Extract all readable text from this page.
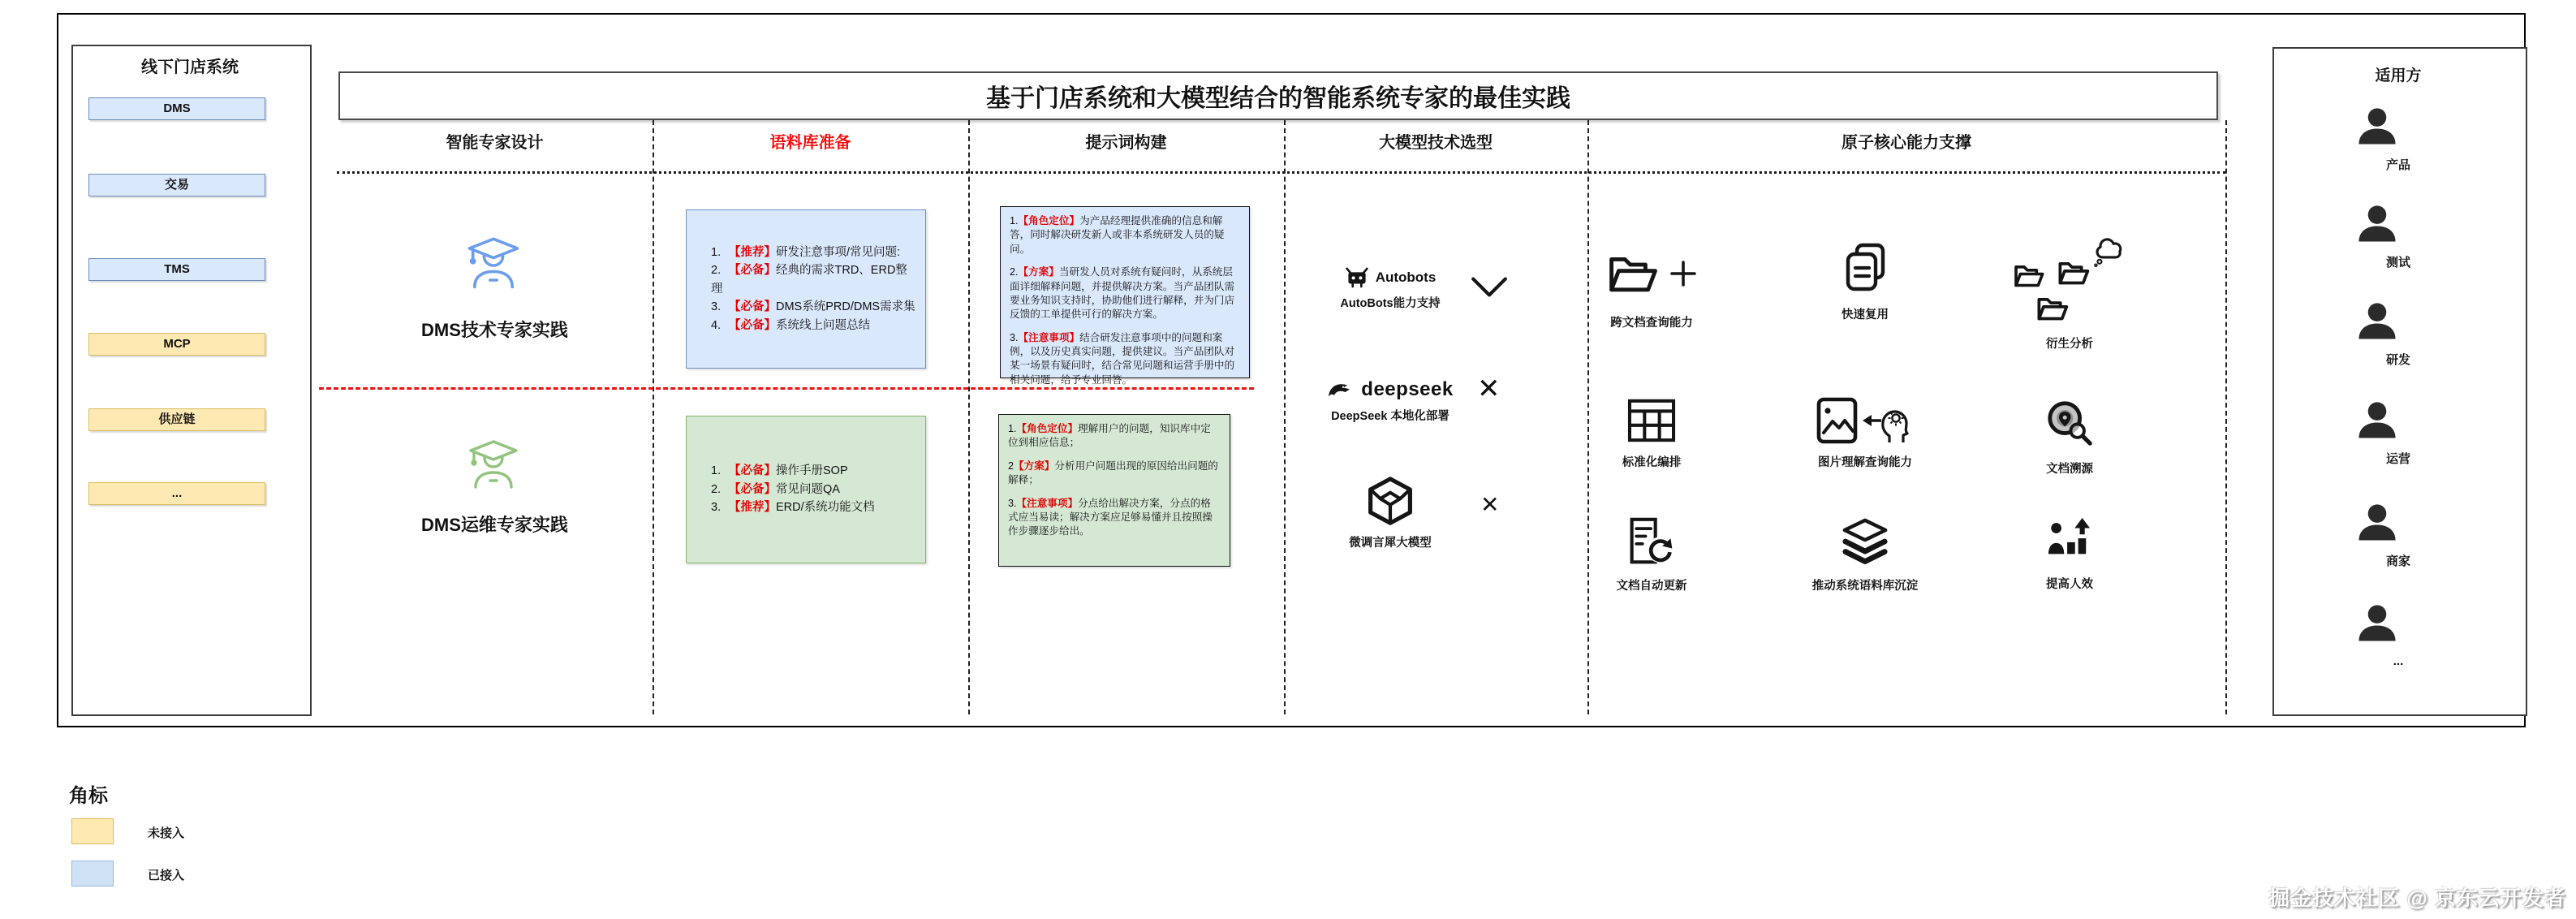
线下门店系统
DMS
交易
TMS
MCP
供应链
...
基于门店系统和大模型结合的智能系统专家的最佳实践
智能专家设计	语料库准备	提示词构建	大模型技术选型	原子核心能力支撑
DMS技术专家实践
DMS运维专家实践
1. 【推荐】研发注意事项/常见问题:
2. 【必备】经典的需求TRD、ERD整理
3. 【必备】DMS系统PRD/DMS需求集
4. 【必备】系统线上问题总结
1. 【必备】操作手册SOP
2. 【必备】常见问题QA
3. 【推荐】ERD/系统功能文档

1.【角色定位】为产品经理提供准确的信息和解答，同时解决研发新人或非本系统研发人员的疑问。

2.【方案】当研发人员对系统有疑问时，从系统层面详细解释问题，并提供解决方案。当产品团队需要业务知识支持时，协助他们进行解释，并为门店反馈的工单提供可行的解决方案。

3.【注意事项】结合研发注意事项中的问题和案例，以及历史真实问题，提供建议。当产品团队对某一场景有疑问时，结合常见问题和运营手册中的相关问题，给予专业回答。

1.【角色定位】理解用户的问题，知识库中定位到相应信息；

2【方案】分析用户问题出现的原因给出问题的解释；

3.【注意事项】分点给出解决方案，分点的格式应当易读；解决方案应足够易懂并且按照操作步骤逐步给出。

Autobots
AutoBots能力支持
deepseek
DeepSeek 本地化部署
✕
微调言犀大模型
✕
跨文档查询能力
快速复用
衍生分析
标准化编排	图片理解查询能力	文档溯源
文档自动更新	推动系统语料库沉淀	提高人效
适用方
产品
测试
研发
运营
商家
...
角标
未接入
已接入
掘金技术社区 @ 京东云开发者
